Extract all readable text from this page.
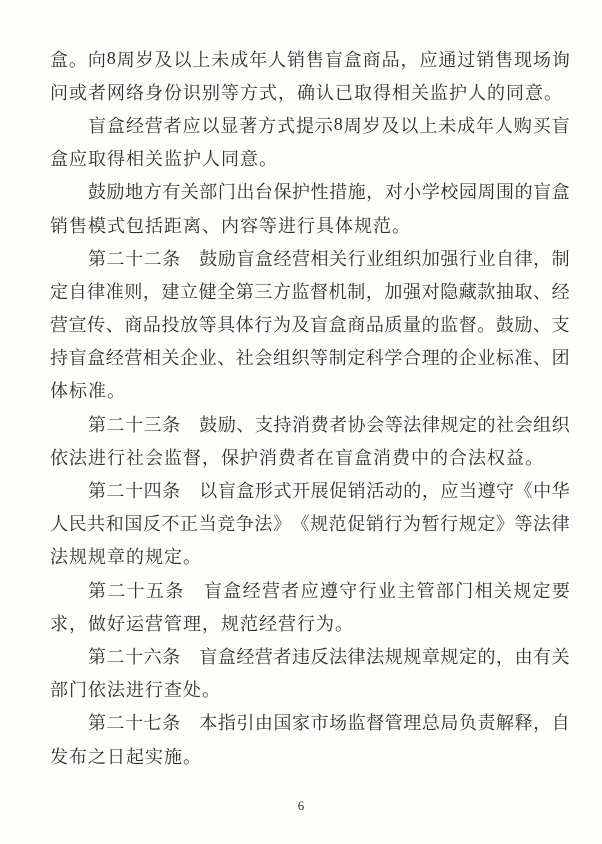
盒 。 向 8 周 岁 及 以 上 未 成 年 人 销 售 盲 盒 商 品 ， 应 通 过 销 售 现 场 询
问 或 者 网 络 身 份 识 别 等 方 式 ， 确 认 已 取 得 相 关 监 护 人 的 同 意 。
盲 盒 经 营 者 应 以 显 著 方 式 提 示 8 周 岁 及 以 上 未 成 年 人 购 买 盲
盒 应 取 得 相 关 监 护 人 同 意 。
鼓 励 地 方 有 关 部 门 出 台 保 护 性 措 施 ， 对 小 学 校 园 周 围 的 盲 盒
销 售 模 式 包 括 距 离 、 内 容 等 进 行 具 体 规 范 。
第 二 十 二 条
　 鼓 励 盲 盒 经 营 相 关 行 业 组 织 加 强 行 业 自 律 ， 制
定 自 律 准 则 ， 建 立 健 全 第 三 方 监 督 机 制 ， 加 强 对 隐 藏 款 抽 取 、 经
营 宣 传 、 商 品 投 放 等 具 体 行 为 及 盲 盒 商 品 质 量 的 监 督 。 鼓 励 、 支
持 盲 盒 经 营 相 关 企 业 、 社 会 组 织 等 制 定 科 学 合 理 的 企 业 标 准 、 团
体 标 准 。
第 二 十 三 条
　 鼓 励 、 支 持 消 费 者 协 会 等 法 律 规 定 的 社 会 组 织
依 法 进 行 社 会 监 督 ， 保 护 消 费 者 在 盲 盒 消 费 中 的 合 法 权 益 。
第 二 十 四 条
　 以 盲 盒 形 式 开 展 促 销 活 动 的 ， 应 当 遵 守 《 中 华
人 民 共 和 国 反 不 正 当 竞 争 法 》 《 规 范 促 销 行 为 暂 行 规 定 》 等 法 律
法 规 规 章 的 规 定 。
第 二 十 五 条
　 盲 盒 经 营 者 应 遵 守 行 业 主 管 部 门 相 关 规 定 要
求 ， 做 好 运 营 管 理 ， 规 范 经 营 行 为 。
第 二 十 六 条
　 盲 盒 经 营 者 违 反 法 律 法 规 规 章 规 定 的 ， 由 有 关
部 门 依 法 进 行 查 处 。
第 二 十 七 条
　 本 指 引 由 国 家 市 场 监 督 管 理 总 局 负 责 解 释 ， 自
发 布 之 日 起 实 施 。
6
